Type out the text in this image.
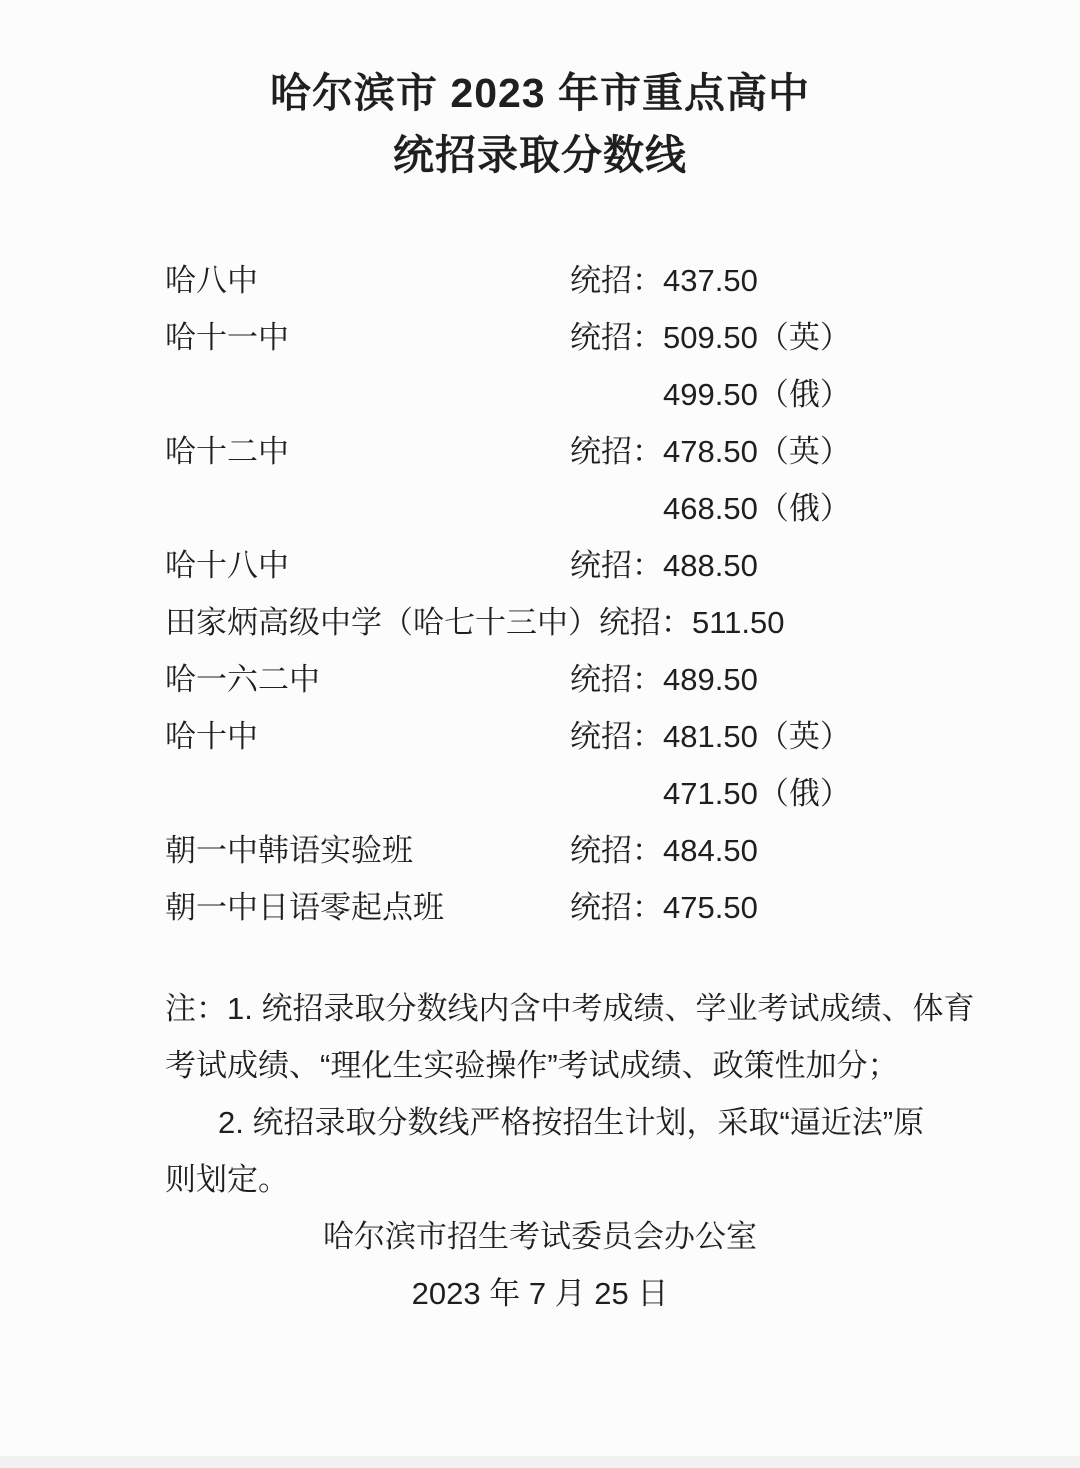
哈尔滨市 2023 年市重点高中
统招录取分数线
哈八中	统招：437.50
哈十一中	统招：509.50（英）
499.50（俄）
哈十二中	统招：478.50（英）
468.50（俄）
哈十八中	统招：488.50
田家炳高级中学（哈七十三中） 统招：511.50
哈一六二中	统招：489.50
哈十中	统招：481.50（英）
471.50（俄）
朝一中韩语实验班	统招：484.50
朝一中日语零起点班	统招：475.50
注：1. 统招录取分数线内含中考成绩、学业考试成绩、体育
考试成绩、“理化生实验操作”考试成绩、政策性加分；
2. 统招录取分数线严格按招生计划，采取“逼近法”原
则划定。
哈尔滨市招生考试委员会办公室
2023 年 7 月 25 日
